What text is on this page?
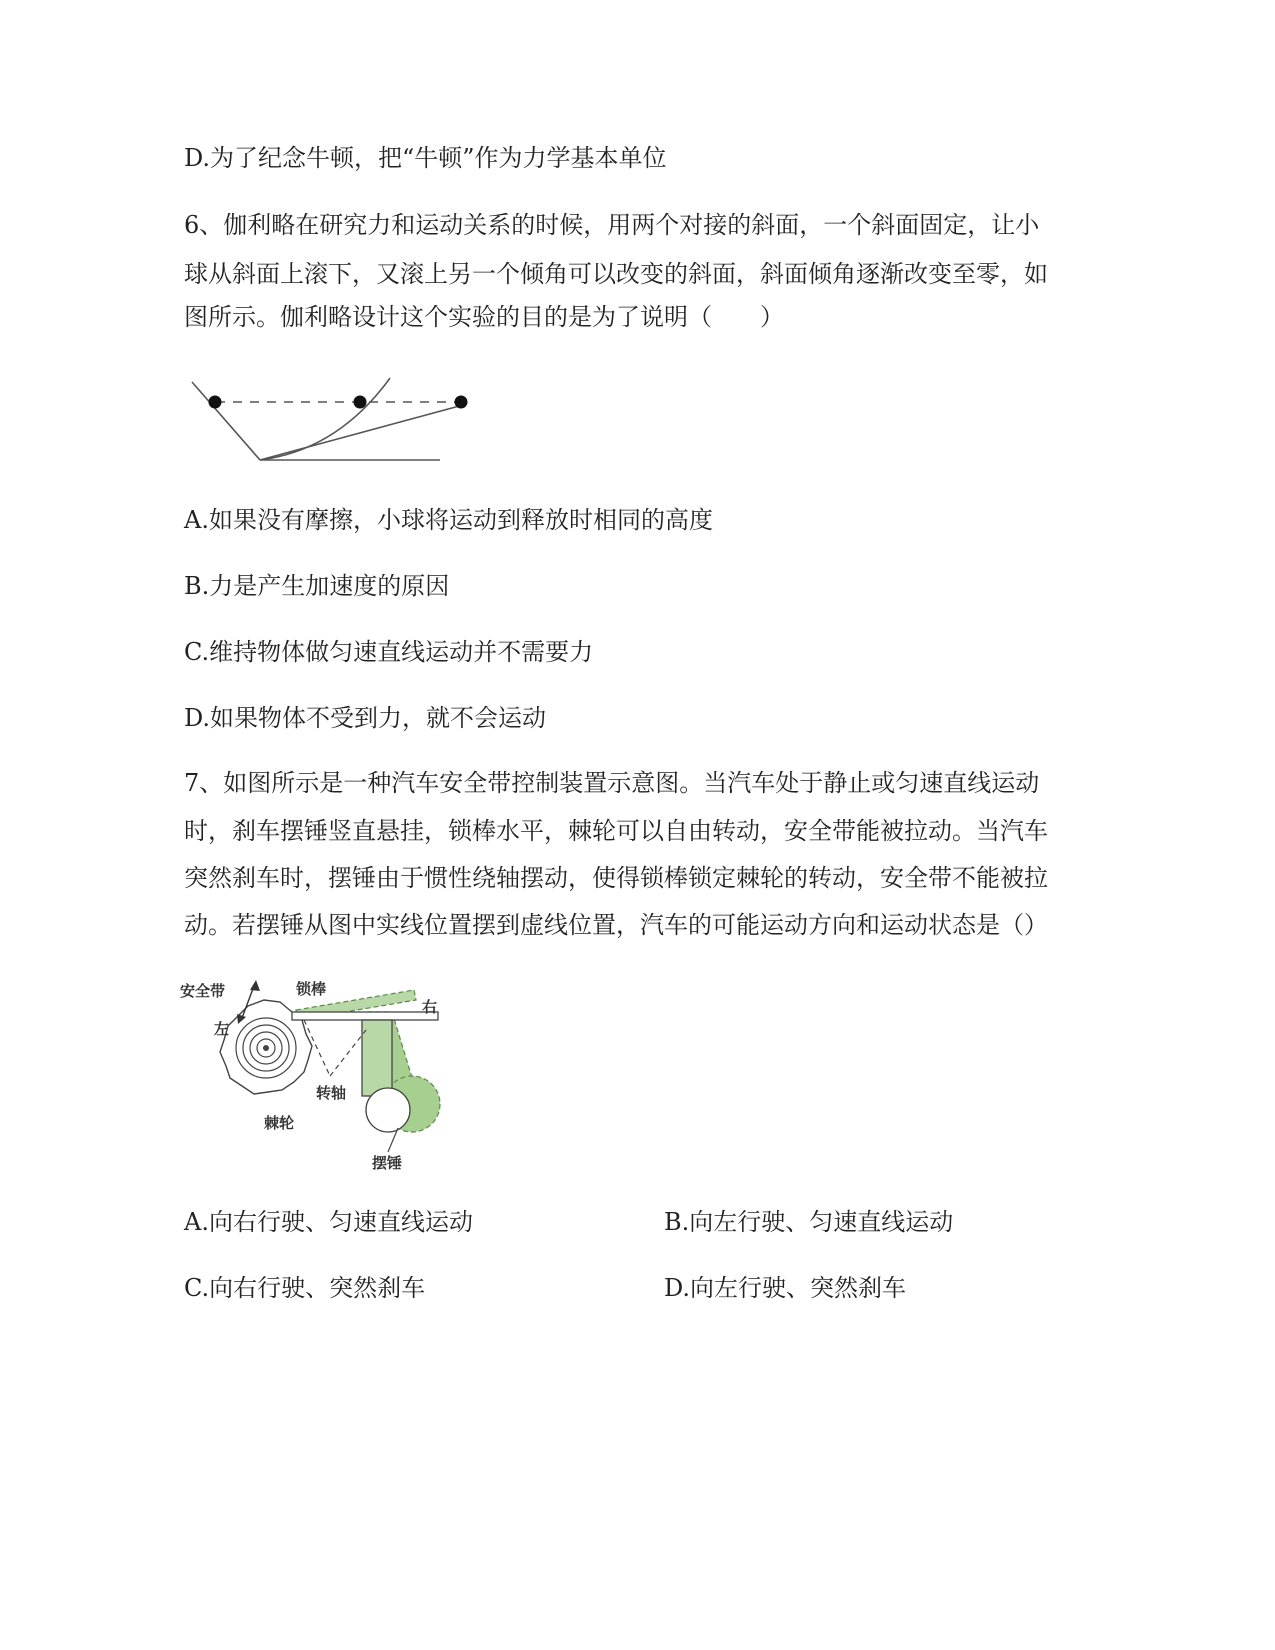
D.为了纪念牛顿，把“牛顿”作为力学基本单位
6、伽利略在研究力和运动关系的时候，用两个对接的斜面，一个斜面固定，让小
球从斜面上滚下，又滚上另一个倾角可以改变的斜面，斜面倾角逐渐改变至零，如
图所示。伽利略设计这个实验的目的是为了说明（　　）
A.如果没有摩擦，小球将运动到释放时相同的高度
B.力是产生加速度的原因
C.维持物体做匀速直线运动并不需要力
D.如果物体不受到力，就不会运动
7、如图所示是一种汽车安全带控制装置示意图。当汽车处于静止或匀速直线运动
时，刹车摆锤竖直悬挂，锁棒水平，棘轮可以自由转动，安全带能被拉动。当汽车
突然刹车时，摆锤由于惯性绕轴摆动，使得锁棒锁定棘轮的转动，安全带不能被拉
动。若摆锤从图中实线位置摆到虚线位置，汽车的可能运动方向和运动状态是（）
安全带	锁棒
右
左
转轴
棘轮
摆锤
A.向右行驶、匀速直线运动	B.向左行驶、匀速直线运动
C.向右行驶、突然刹车	D.向左行驶、突然刹车
